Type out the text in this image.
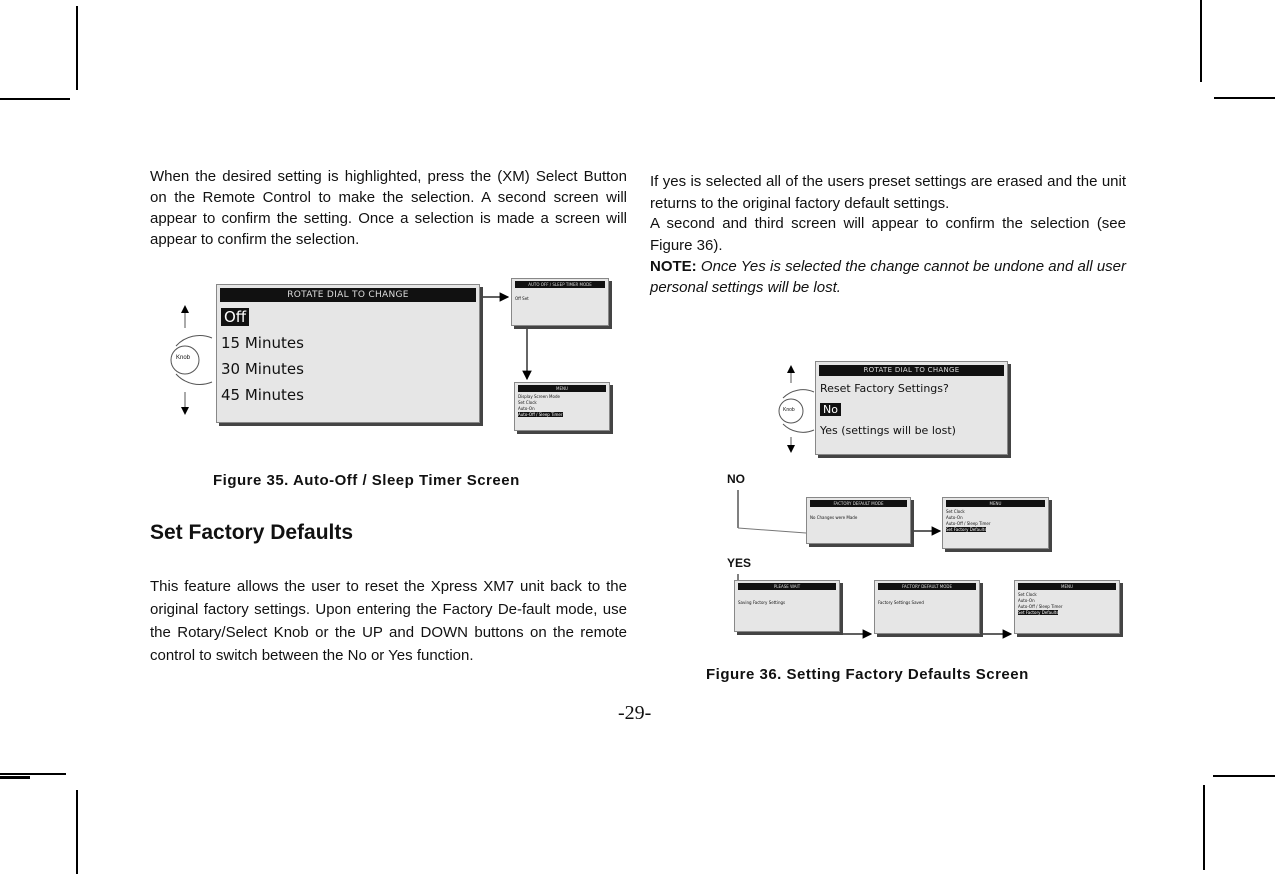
When the desired setting is highlighted, press the (XM) Select Button on the Remote Control to make the selection. A second screen will appear to confirm the setting. Once a selection is made a screen will appear to confirm the selection.

Knob
ROTATE DIAL TO CHANGE
Off
15 Minutes
30 Minutes
45 Minutes
AUTO OFF / SLEEP TIMER MODE
Off Set
MENU
Display Screen Mode
Set Clock
Auto-On
Auto-Off / Sleep Timer
Figure 35. Auto-Off / Sleep Timer Screen
Set Factory Defaults

This feature allows the user to reset the Xpress XM7 unit back to the original factory settings. Upon entering the Factory De-fault mode, use the Rotary/Select Knob or the UP and DOWN buttons on the remote control to switch between the No or Yes function.

If yes is selected all of the users preset settings are erased and the unit returns to the original factory default settings.

A second and third screen will appear to confirm the selection (see Figure 36).

NOTE: Once Yes is selected the change cannot be undone and all user personal settings will be lost.

Knob
ROTATE DIAL TO CHANGE
Reset Factory Settings?
No
Yes (settings will be lost)
NO
YES
FACTORY DEFAULT MODE
No Changes were Made
MENU
Set Clock
Auto-On
Auto-Off / Sleep Timer
Set Factory Defaults
PLEASE WAIT
Saving Factory Settings
FACTORY DEFAULT MODE
Factory Settings Saved
MENU
Set Clock
Auto-On
Auto-Off / Sleep Timer
Set Factory Defaults
Figure 36. Setting Factory Defaults Screen
-29-
